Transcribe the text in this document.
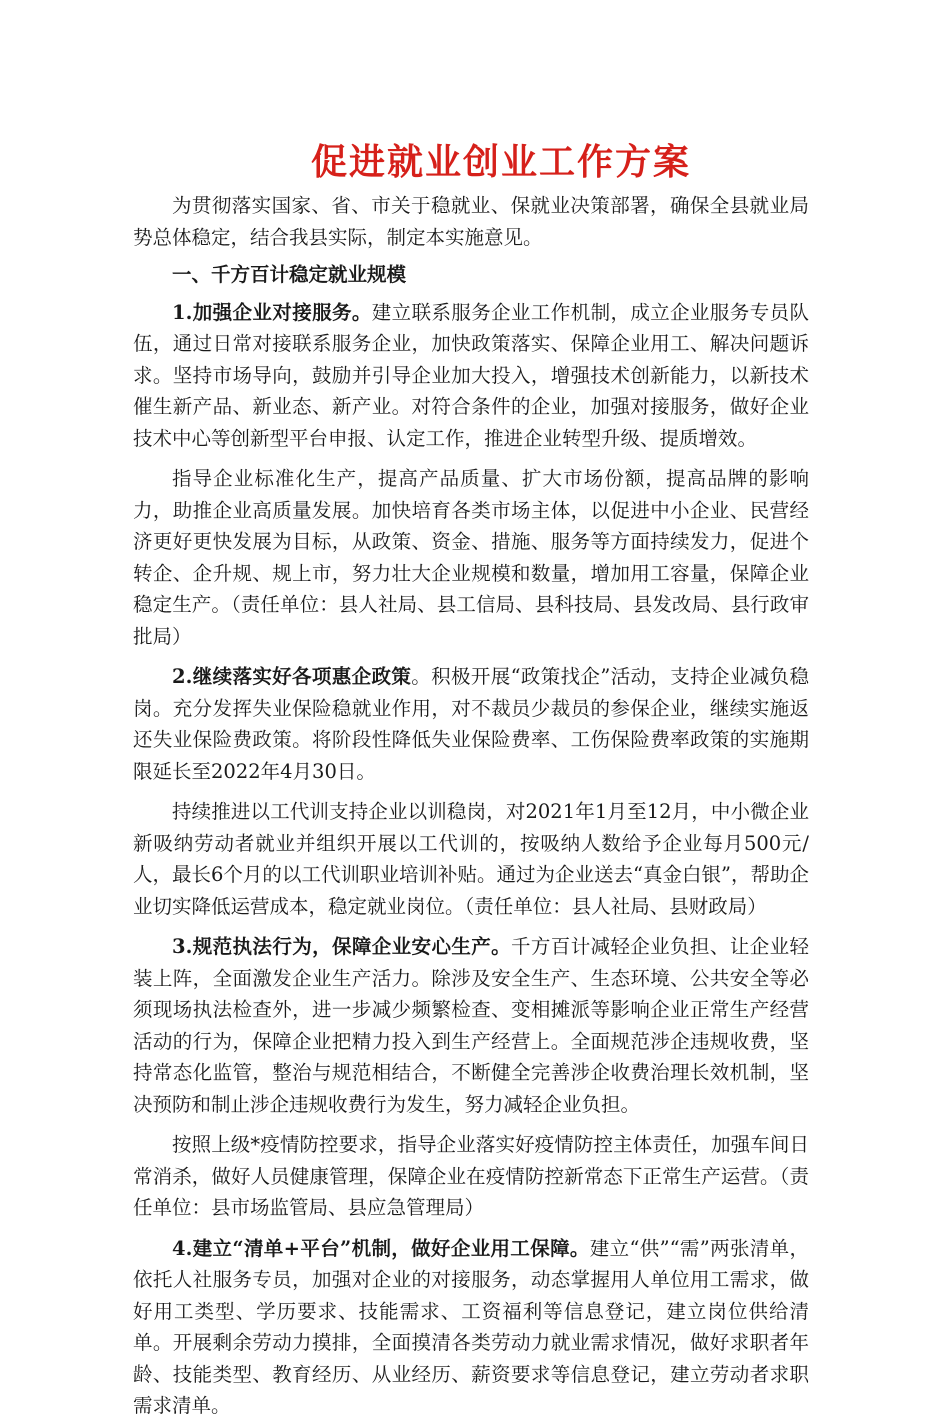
促进就业创业工作方案

为贯彻落实国家、省、市关于稳就业、保就业决策部署，确保全县就业局势总体稳定，结合我县实际，制定本实施意见。

一、千方百计稳定就业规模

1.加强企业对接服务。建立联系服务企业工作机制，成立企业服务专员队伍，通过日常对接联系服务企业，加快政策落实、保障企业用工、解决问题诉求。坚持市场导向，鼓励并引导企业加大投入，增强技术创新能力，以新技术催生新产品、新业态、新产业。对符合条件的企业，加强对接服务，做好企业技术中心等创新型平台申报、认定工作，推进企业转型升级、提质增效。

指导企业标准化生产，提高产品质量、扩大市场份额，提高品牌的影响力，助推企业高质量发展。加快培育各类市场主体，以促进中小企业、民营经济更好更快发展为目标，从政策、资金、措施、服务等方面持续发力，促进个转企、企升规、规上市，努力壮大企业规模和数量，增加用工容量，保障企业稳定生产。（责任单位：县人社局、县工信局、县科技局、县发改局、县行政审批局）

2.继续落实好各项惠企政策。积极开展“政策找企”活动，支持企业减负稳岗。充分发挥失业保险稳就业作用，对不裁员少裁员的参保企业，继续实施返还失业保险费政策。将阶段性降低失业保险费率、工伤保险费率政策的实施期限延长至2022年4月30日。

持续推进以工代训支持企业以训稳岗，对2021年1月至12月，中小微企业新吸纳劳动者就业并组织开展以工代训的，按吸纳人数给予企业每月500元/人，最长6个月的以工代训职业培训补贴。通过为企业送去“真金白银”，帮助企业切实降低运营成本，稳定就业岗位。（责任单位：县人社局、县财政局）

3.规范执法行为，保障企业安心生产。千方百计减轻企业负担、让企业轻装上阵，全面激发企业生产活力。除涉及安全生产、生态环境、公共安全等必须现场执法检查外，进一步减少频繁检查、变相摊派等影响企业正常生产经营活动的行为，保障企业把精力投入到生产经营上。全面规范涉企违规收费，坚持常态化监管，整治与规范相结合，不断健全完善涉企收费治理长效机制，坚决预防和制止涉企违规收费行为发生，努力减轻企业负担。

按照上级*疫情防控要求，指导企业落实好疫情防控主体责任，加强车间日常消杀，做好人员健康管理，保障企业在疫情防控新常态下正常生产运营。（责任单位：县市场监管局、县应急管理局）

4.建立“清单+平台”机制，做好企业用工保障。建立“供”“需”两张清单，依托人社服务专员，加强对企业的对接服务，动态掌握用人单位用工需求，做好用工类型、学历要求、技能需求、工资福利等信息登记，建立岗位供给清单。开展剩余劳动力摸排，全面摸清各类劳动力就业需求情况，做好求职者年龄、技能类型、教育经历、从业经历、薪资要求等信息登记，建立劳动者求职需求清单。
